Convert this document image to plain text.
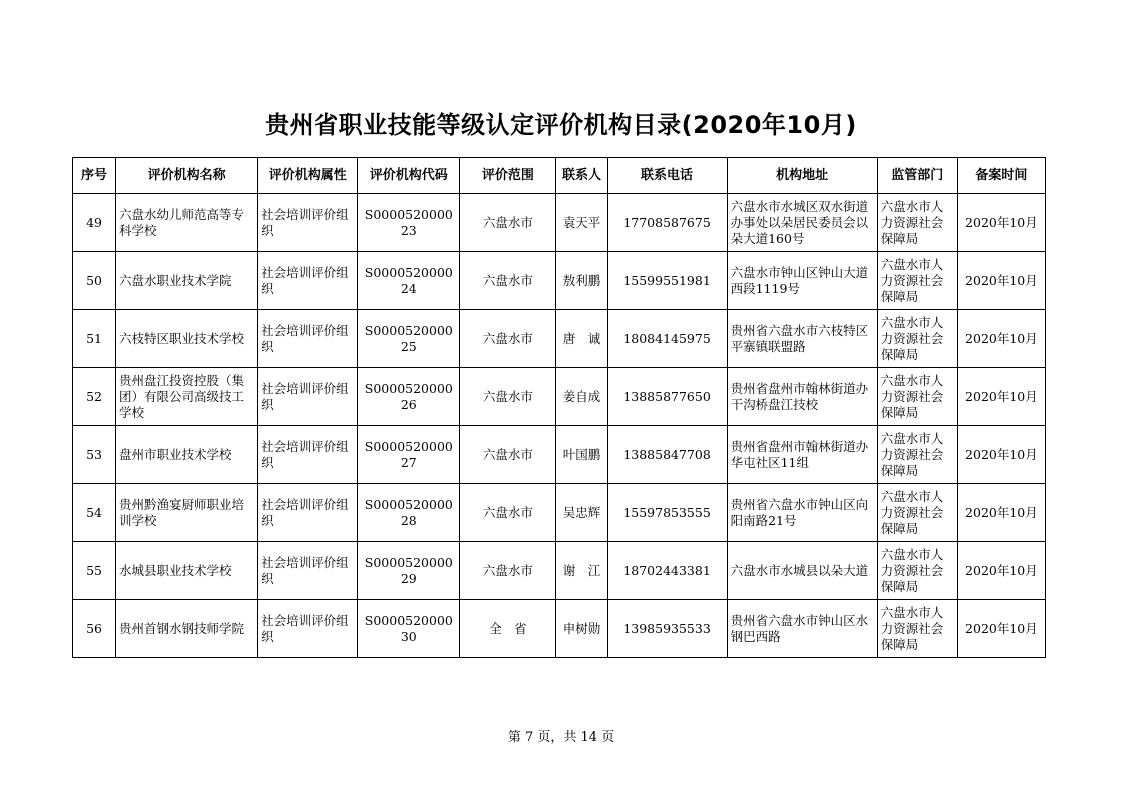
贵州省职业技能等级认定评价机构目录(2020年10月)
序号	评价机构名称	评价机构属性	评价机构代码	评价范围	联系人	联系电话	机构地址	监管部门	备案时间
49	六盘水幼儿师范高等专科学校	社会培训评价组织	S000052000023	六盘水市	袁天平	17708587675	六盘水市水城区双水街道办事处以朵居民委员会以朵大道160号	六盘水市人力资源社会保障局	2020年10月
50	六盘水职业技术学院	社会培训评价组织	S000052000024	六盘水市	敖利鹏	15599551981	六盘水市钟山区钟山大道西段1119号	六盘水市人力资源社会保障局	2020年10月
51	六枝特区职业技术学校	社会培训评价组织	S000052000025	六盘水市	唐　诚	18084145975	贵州省六盘水市六枝特区平寨镇联盟路	六盘水市人力资源社会保障局	2020年10月
52	贵州盘江投资控股（集团）有限公司高级技工学校	社会培训评价组织	S000052000026	六盘水市	姜自成	13885877650	贵州省盘州市翰林街道办干沟桥盘江技校	六盘水市人力资源社会保障局	2020年10月
53	盘州市职业技术学校	社会培训评价组织	S000052000027	六盘水市	叶国鹏	13885847708	贵州省盘州市翰林街道办华屯社区11组	六盘水市人力资源社会保障局	2020年10月
54	贵州黔渔宴厨师职业培训学校	社会培训评价组织	S000052000028	六盘水市	吴忠辉	15597853555	贵州省六盘水市钟山区向阳南路21号	六盘水市人力资源社会保障局	2020年10月
55	水城县职业技术学校	社会培训评价组织	S000052000029	六盘水市	谢　江	18702443381	六盘水市水城县以朵大道	六盘水市人力资源社会保障局	2020年10月
56	贵州首钢水钢技师学院	社会培训评价组织	S000052000030	全　省	申树勋	13985935533	贵州省六盘水市钟山区水钢巴西路	六盘水市人力资源社会保障局	2020年10月
第 7 页，共 14 页
